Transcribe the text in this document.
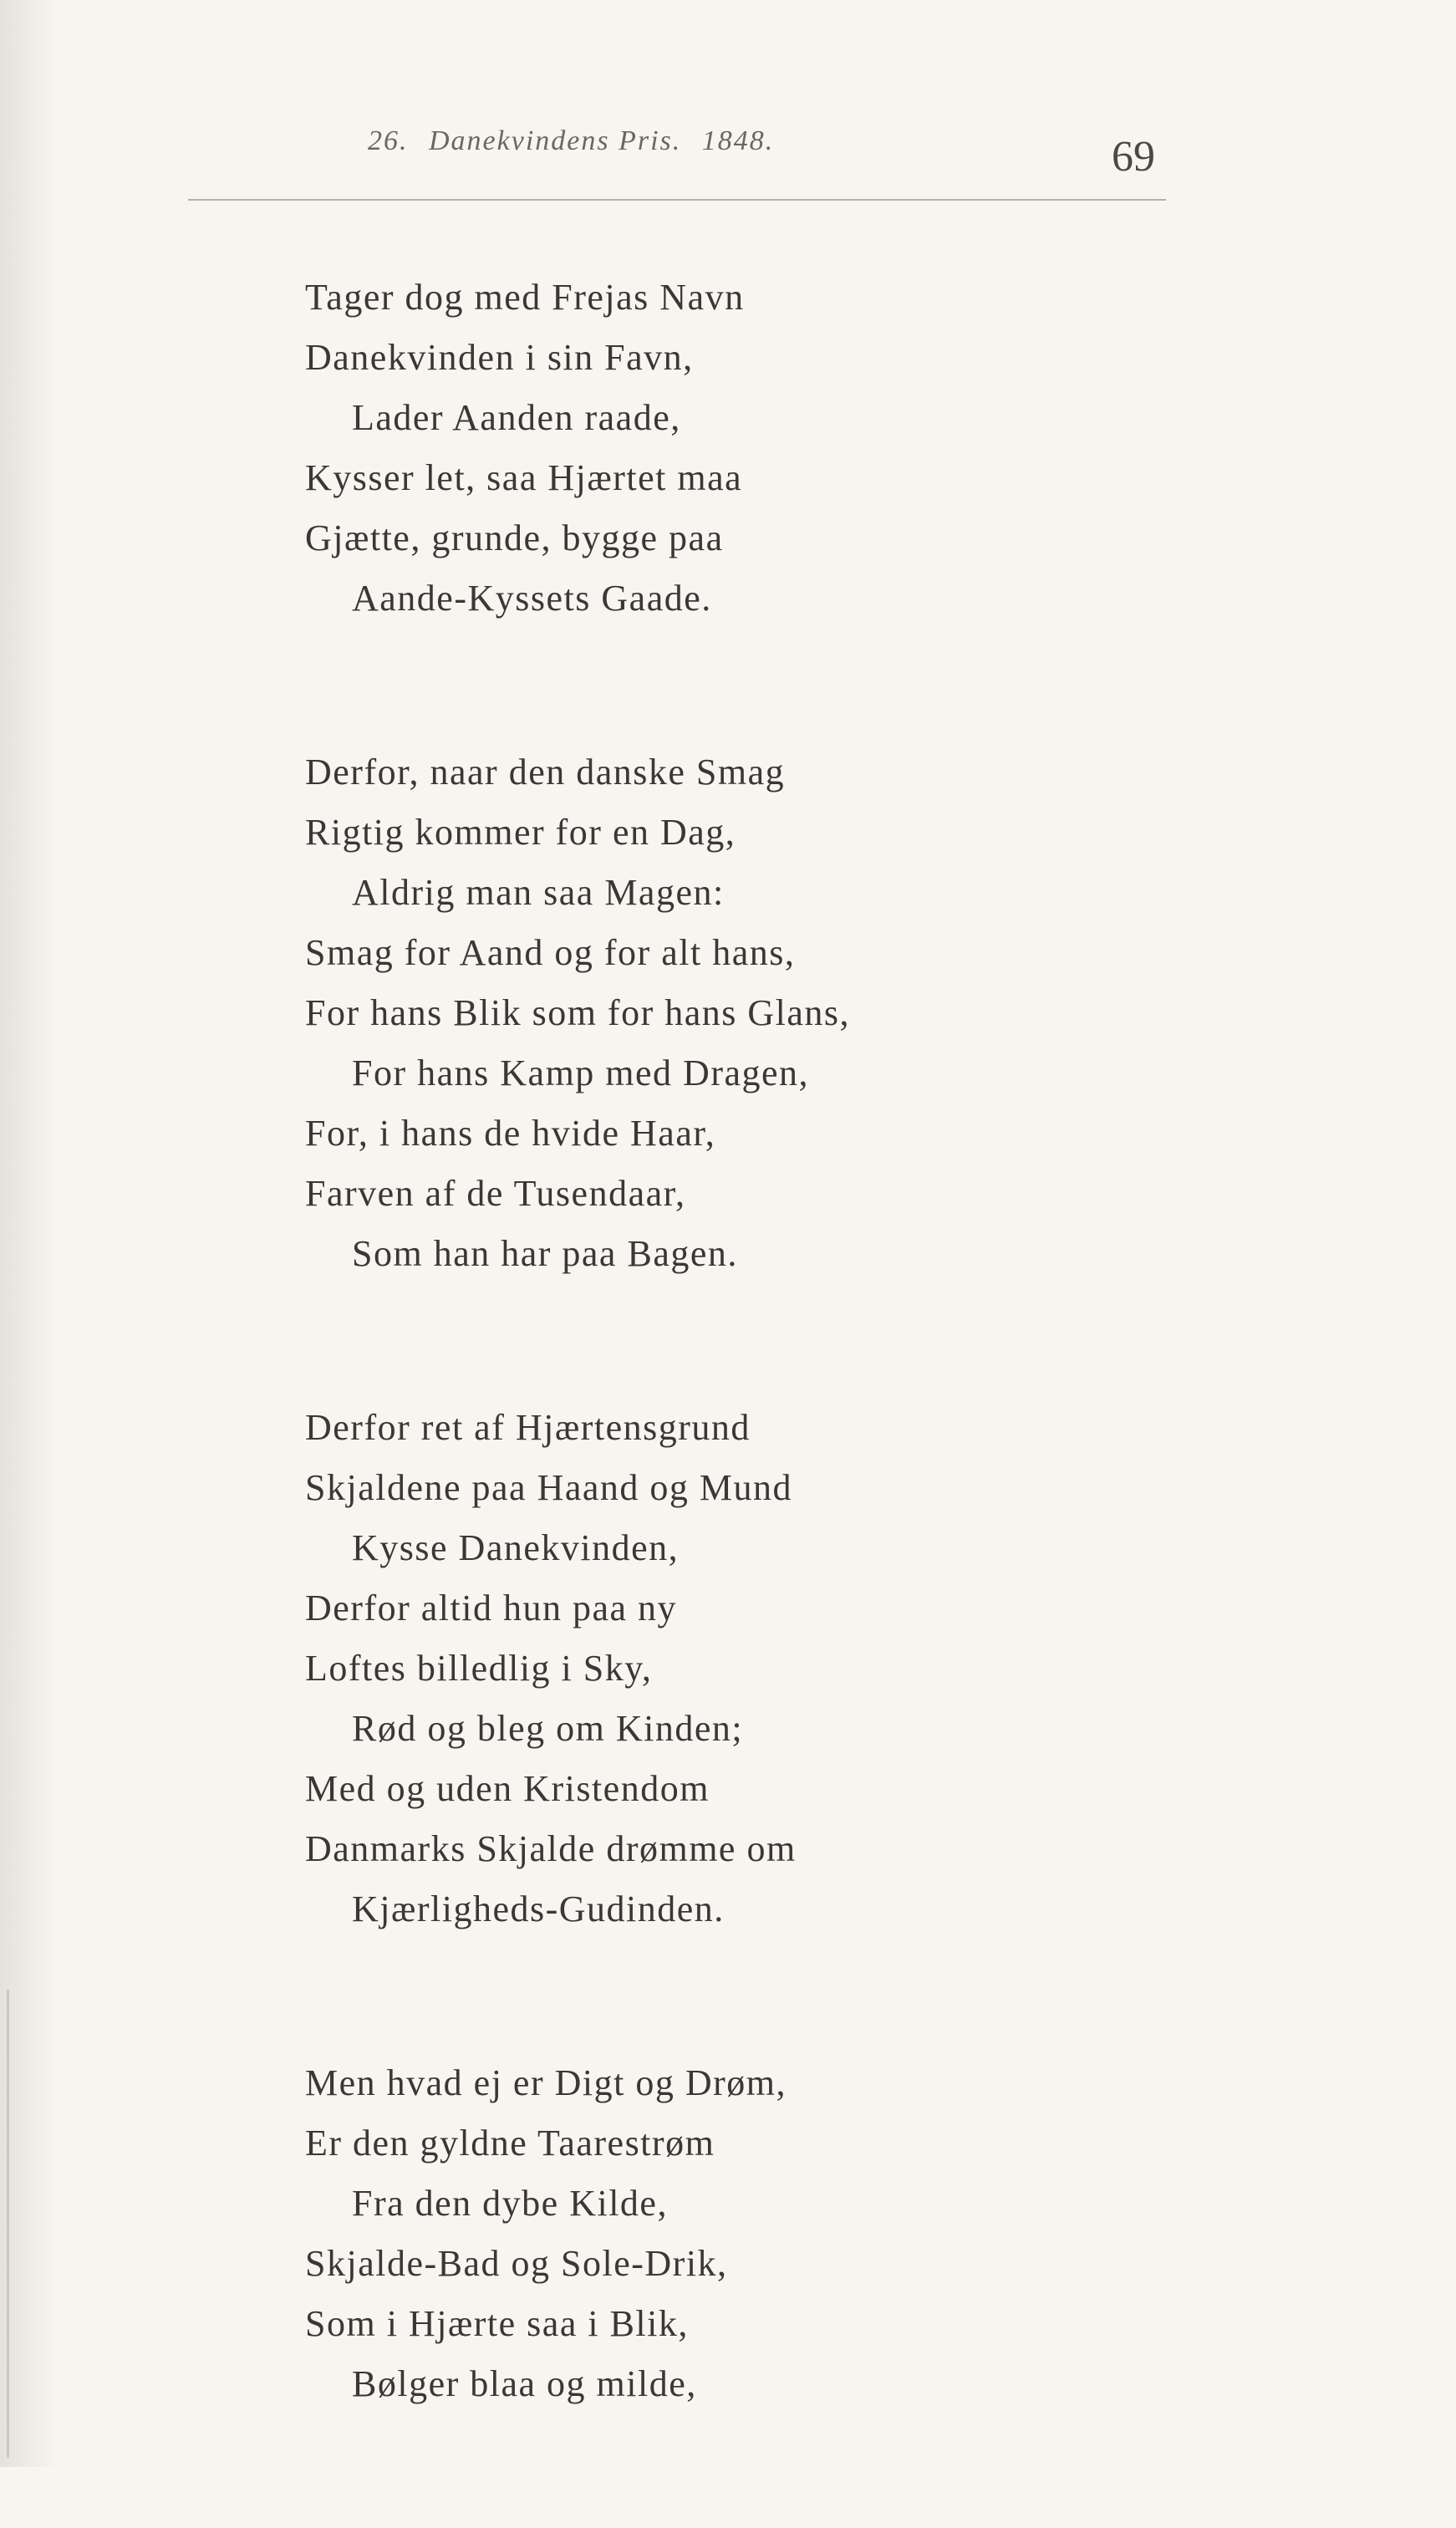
26. Danekvindens Pris. 1848.	69
Tager dog med Frejas Navn
Danekvinden i sin Favn,
Lader Aanden raade,
Kysser let, saa Hjærtet maa
Gjætte, grunde, bygge paa
Aande-Kyssets Gaade.
Derfor, naar den danske Smag
Rigtig kommer for en Dag,
Aldrig man saa Magen:
Smag for Aand og for alt hans,
For hans Blik som for hans Glans,
For hans Kamp med Dragen,
For, i hans de hvide Haar,
Farven af de Tusendaar,
Som han har paa Bagen.
Derfor ret af Hjærtensgrund
Skjaldene paa Haand og Mund
Kysse Danekvinden,
Derfor altid hun paa ny
Loftes billedlig i Sky,
Rød og bleg om Kinden;
Med og uden Kristendom
Danmarks Skjalde drømme om
Kjærligheds-Gudinden.
Men hvad ej er Digt og Drøm,
Er den gyldne Taarestrøm
Fra den dybe Kilde,
Skjalde-Bad og Sole-Drik,
Som i Hjærte saa i Blik,
Bølger blaa og milde,
